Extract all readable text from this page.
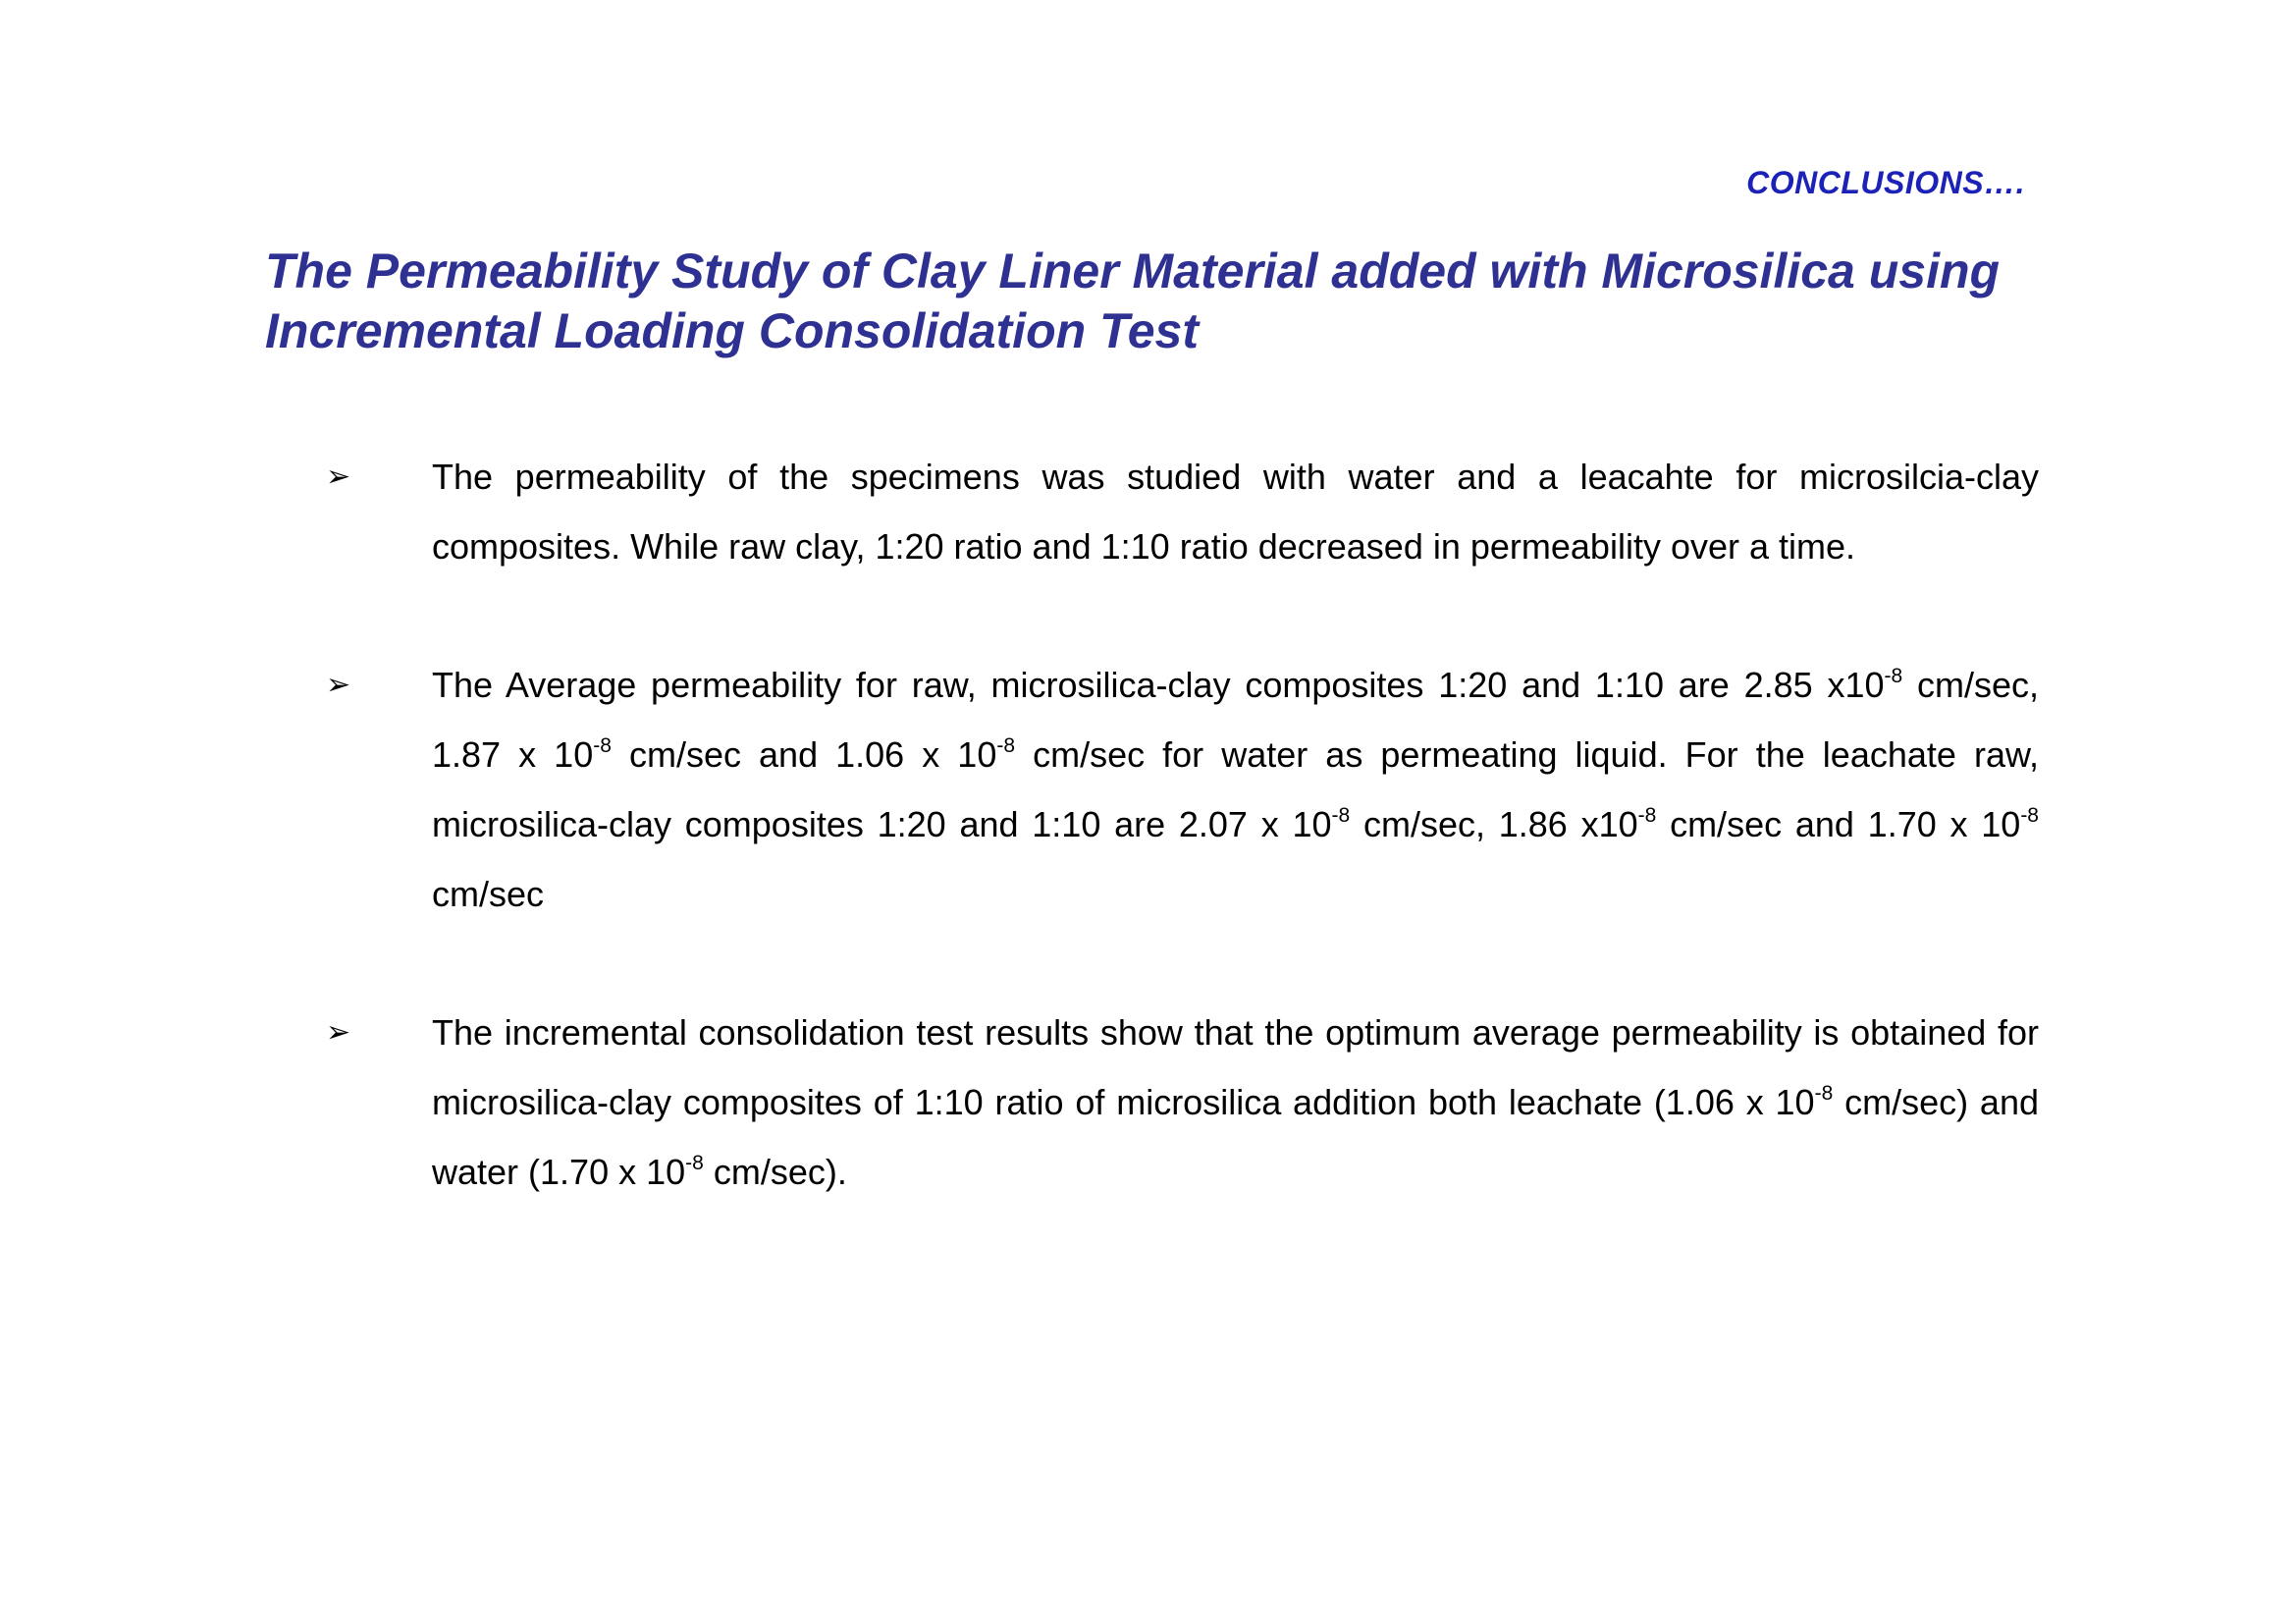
CONCLUSIONS….
The Permeability Study of Clay Liner Material added with Microsilica using Incremental Loading Consolidation Test
➢	The permeability of the specimens was studied with water and a leacahte for microsilcia-clay composites. While raw clay, 1:20 ratio and 1:10 ratio decreased in permeability over a time.
➢	The Average permeability for raw, microsilica-clay composites 1:20 and 1:10 are 2.85 $x10^{-8}$ cm/sec, 1.87 x $10^{-8}$ cm/sec and 1.06 x $10^{-8}$ cm/sec for water as permeating liquid. For the leachate raw, microsilica-clay composites 1:20 and 1:10 are 2.07 x $10^{-8}$ cm/sec, 1.86 $x10^{-8}$ cm/sec and 1.70 x $10^{-8}$ cm/sec
➢	The incremental consolidation test results show that the optimum average permeability is obtained for microsilica-clay composites of 1:10 ratio of microsilica addition both leachate (1.06 x $10^{-8}$ cm/sec) and water (1.70 x $10^{-8}$ cm/sec).
